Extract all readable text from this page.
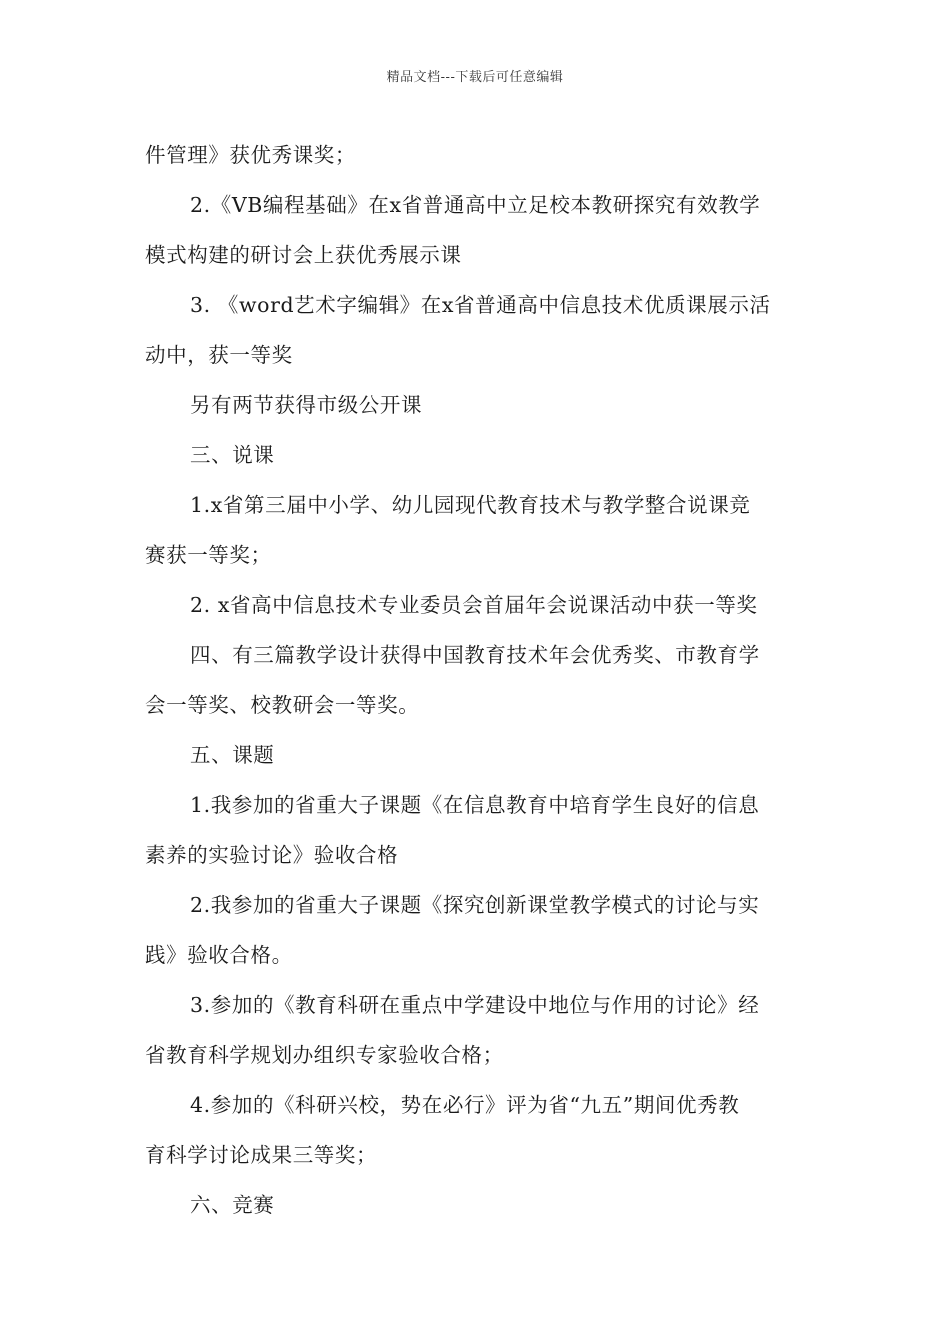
精品文档---下载后可任意编辑
件管理》获优秀课奖；
2.《VB编程基础》在x省普通高中立足校本教研探究有效教学
模式构建的研讨会上获优秀展示课
3. 《word艺术字编辑》在x省普通高中信息技术优质课展示活
动中，获一等奖
另有两节获得市级公开课
三、说课
1.x省第三届中小学、幼儿园现代教育技术与教学整合说课竞
赛获一等奖；
2. x省高中信息技术专业委员会首届年会说课活动中获一等奖
四、有三篇教学设计获得中国教育技术年会优秀奖、市教育学
会一等奖、校教研会一等奖。
五、课题
1.我参加的省重大子课题《在信息教育中培育学生良好的信息
素养的实验讨论》验收合格
2.我参加的省重大子课题《探究创新课堂教学模式的讨论与实
践》验收合格。
3.参加的《教育科研在重点中学建设中地位与作用的讨论》经
省教育科学规划办组织专家验收合格；
4.参加的《科研兴校，势在必行》评为省“九五”期间优秀教
育科学讨论成果三等奖；
六、竞赛
